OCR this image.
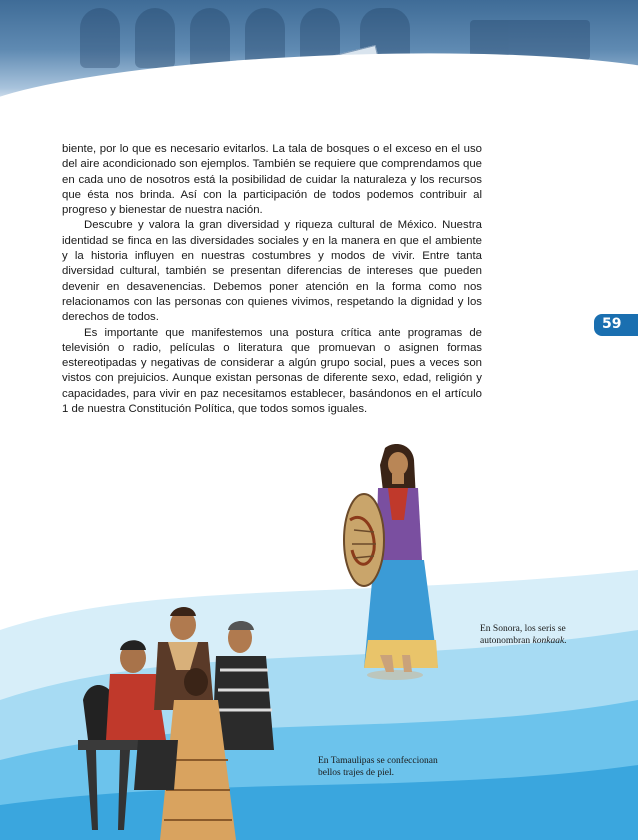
biente, por lo que es necesario evitarlos. La tala de bosques o el exceso en el uso del aire acondicionado son ejemplos. También se requiere que comprendamos que en cada uno de nosotros está la posibilidad de cuidar la naturaleza y los recursos que ésta nos brinda. Así con la participación de todos podemos contribuir al progreso y bienestar de nuestra nación.

Descubre y valora la gran diversidad y riqueza cultural de México. Nuestra identidad se finca en las diversidades sociales y en la manera en que el ambiente y la historia influyen en nuestras costumbres y modos de vivir. Entre tanta diversidad cultural, también se presentan diferencias de intereses que pueden devenir en desavenencias. Debemos poner atención en la forma como nos relacionamos con las personas con quienes vivimos, respetando la dignidad y los derechos de todos.

Es importante que manifestemos una postura crítica ante programas de televisión o radio, películas o literatura que promuevan o asignen formas estereotipadas y negativas de considerar a algún grupo social, pues a veces son vistos con prejuicios. Aunque existan personas de diferente sexo, edad, religión y capacidades, para vivir en paz necesitamos establecer, basándonos en el artículo 1 de nuestra Constitución Política, que todos somos iguales.

59
En Sonora, los seris se autonombran konkaak.
En Tamaulipas se confeccionan bellos trajes de piel.
